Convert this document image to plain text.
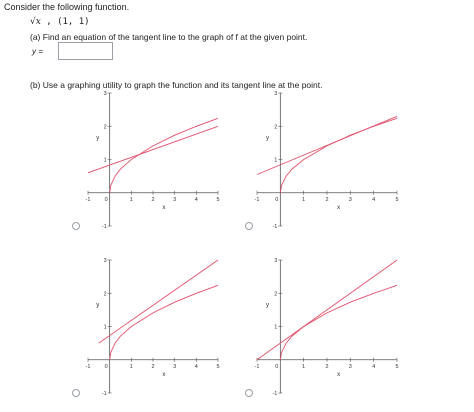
Consider the following function.
√x , (1, 1)
(a) Find an equation of the tangent line to the graph of f at the given point.
y =
(b) Use a graphing utility to graph the function and its tangent line at the point.
-1	1	2	3	4	5
0
-1
1
2
3
x
y
-1	1	2	3	4	5
0
-1
1
2
3
x
y
-1	1	2	3	4	5
0
-1
1
2
3
x
y
-1	1	2	3	4	5
0
-1
1
2
3
x
y
